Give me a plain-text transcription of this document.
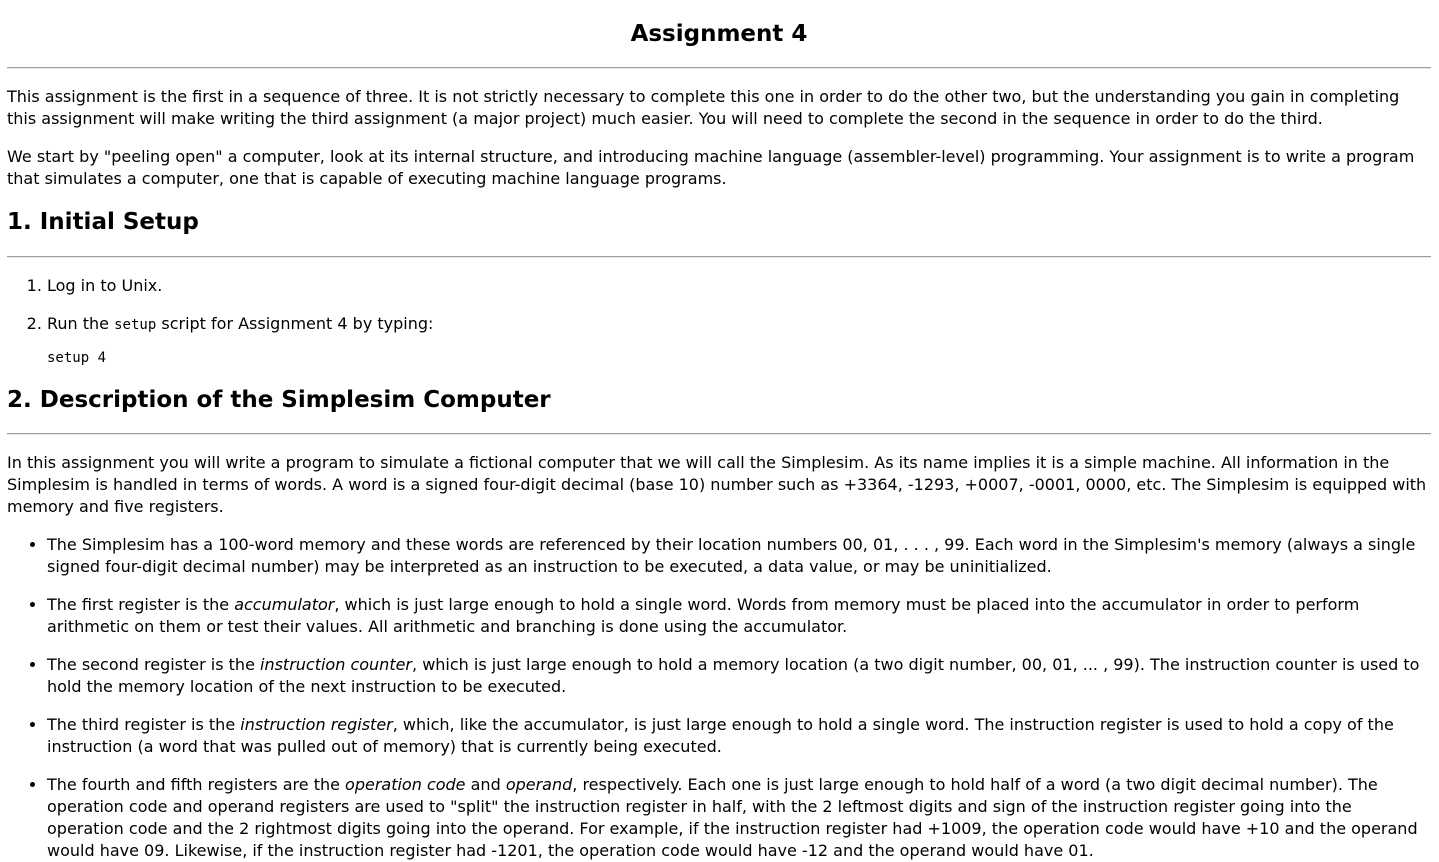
Assignment 4

This assignment is the first in a sequence of three. It is not strictly necessary to complete this one in order to do the other two, but the understanding you gain in completing this assignment will make writing the third assignment (a major project) much easier. You will need to complete the second in the sequence in order to do the third.

We start by "peeling open" a computer, look at its internal structure, and introducing machine language (assembler-level) programming. Your assignment is to write a program that simulates a computer, one that is capable of executing machine language programs.

1. Initial Setup
1. Log in to Unix.
2. Run the setup script for Assignment 4 by typing:
setup 4
2. Description of the Simplesim Computer

In this assignment you will write a program to simulate a fictional computer that we will call the Simplesim. As its name implies it is a simple machine. All information in the Simplesim is handled in terms of words. A word is a signed four-digit decimal (base 10) number such as +3364, -1293, +0007, -0001, 0000, etc. The Simplesim is equipped with memory and five registers.

• The Simplesim has a 100-word memory and these words are referenced by their location numbers 00, 01, . . . , 99. Each word in the Simplesim's memory (always a single signed four-digit decimal number) may be interpreted as an instruction to be executed, a data value, or may be uninitialized.
• The first register is the accumulator, which is just large enough to hold a single word. Words from memory must be placed into the accumulator in order to perform arithmetic on them or test their values. All arithmetic and branching is done using the accumulator.
• The second register is the instruction counter, which is just large enough to hold a memory location (a two digit number, 00, 01, ... , 99). The instruction counter is used to hold the memory location of the next instruction to be executed.
• The third register is the instruction register, which, like the accumulator, is just large enough to hold a single word. The instruction register is used to hold a copy of the instruction (a word that was pulled out of memory) that is currently being executed.
• The fourth and fifth registers are the operation code and operand, respectively. Each one is just large enough to hold half of a word (a two digit decimal number). The operation code and operand registers are used to "split" the instruction register in half, with the 2 leftmost digits and sign of the instruction register going into the operation code and the 2 rightmost digits going into the operand. For example, if the instruction register had +1009, the operation code would have +10 and the operand would have 09. Likewise, if the instruction register had -1201, the operation code would have -12 and the operand would have 01.
